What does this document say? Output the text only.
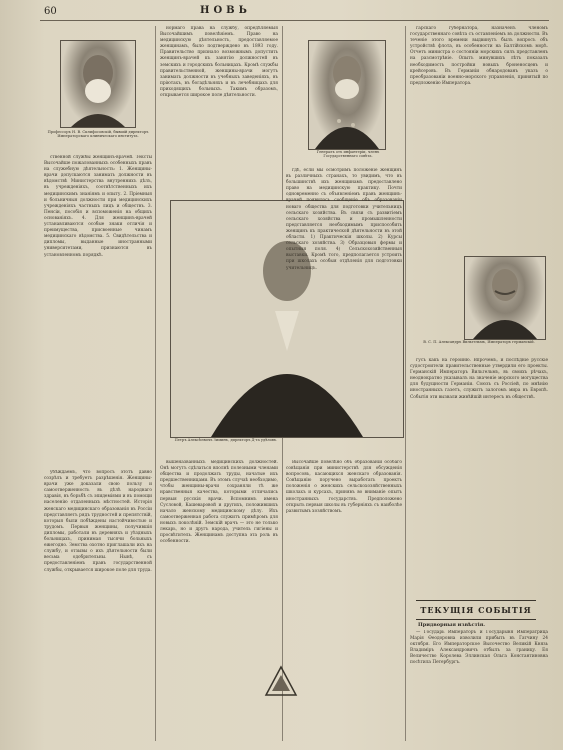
60	НОВЬ
Профессоръ Н. В. Склифосовскій, бывшій директоръ Императорскаго клиническаго института.

ственной службы женщинъ-врачей. Тексты Высочайше пожалованныхъ особенныхъ правъ на служебную дѣятельность: 1. Женщины-врачи допускаются занимать должности въ вѣдомствѣ Министерства внутреннихъ дѣлъ, въ учрежденіяхъ, соотвѣтственныхъ ихъ медицинскимъ знаніямъ и опыту. 2. Пріемныя и больничныя должности при медицинскихъ учрежденіяхъ частныхъ лицъ и обществъ. 3. Пенсіи, пособія и вспоможенія на общихъ основаніяхъ. 4. Для женщинъ-врачей устанавливаются особые знаки отличія и преимущества, присвоенные чинамъ медицинскаго вѣдомства. 5. Свидѣтельства и дипломы, выданные иностранными университетами, признаются въ установленномъ порядкѣ.

убѣждаемъ, что вопросъ этотъ давно созрѣлъ и требуетъ разрѣшенія. Женщины-врачи уже доказали свою пользу и самоотверженность въ дѣлѣ народнаго здравія, въ борьбѣ съ эпидеміями и въ помощи населенію отдаленныхъ мѣстностей. Исторія женскаго медицинскаго образованія въ Россіи представляетъ рядъ трудностей и препятствій, которыя были побѣждены настойчивостью и трудомъ. Первыя женщины, получившія дипломы, работали въ деревняхъ и уѣздныхъ больницахъ, принимая тысячи больныхъ ежегодно. Земства охотно приглашали ихъ на службу, и отзывы о ихъ дѣятельности были весьма одобрительны. Нынѣ, съ предоставленіемъ правъ государственной службы, открывается широкое поле для труда.

нормаго права на службу, опредѣляемыя Высочайшимъ повелѣніемъ. Право на медицинскую дѣятельность, предоставляемое женщинамъ, было подтверждено въ 1893 году. Правительство признало возможнымъ допустить женщинъ-врачей къ занятію должностей въ земскихъ и городскихъ больницахъ. Кромѣ службы правительственной, женщины-врачи могутъ занимать должности въ учебныхъ заведеніяхъ, въ пріютахъ, въ богадѣльняхъ и въ лечебницахъ для приходящихъ больныхъ. Такимъ образомъ, открывается широкое поле дѣятельности.

Генералъ отъ инфантеріи, членъ Государственнаго совѣта.
Петръ Алексѣевичъ Зиминъ, директоръ Д-та удѣловъ.

гдѣ, если мы осмотримъ положеніе женщинъ въ различныхъ странахъ, то увидимъ, что въ большинствѣ ихъ женщинамъ предоставлено право на медицинскую практику. Почти одновременно съ объявленіемъ правъ женщинъ-врачей появилось сообщеніе объ образованіи новаго общества для подготовки учительницъ сельскаго хозяйства. Въ связи съ развитіемъ сельскаго хозяйства и промышленности представляется необходимымъ приспособить женщинъ къ практической дѣятельности въ этой области. 1) Практическія школы. 2) Курсы сельскаго хозяйства. 3) Образцовыя фермы и опытныя поля. 4) Сельскохозяйственныя выставки. Кромѣ того, предполагается устроить при школахъ особыя отдѣленія для подготовки учительницъ.

вышеназванныхъ медицинскихъ должностей. Онѣ могутъ сдѣлаться вполнѣ полезными членами общества и продолжать труды, начатые ихъ предшественницами. Въ этомъ случаѣ необходимо, чтобы женщины-врачи сохраняли тѣ же нравственныя качества, которыми отличались первыя русскія врачи. Вспомнимъ имена Сусловой, Кашеваровой и другихъ, положившихъ начало женскому медицинскому дѣлу. Ихъ самоотверженная работа служитъ примѣромъ для новыхъ поколѣній. Земскій врачъ — это не только лекарь, но и другъ народа, учитель гигіены и просвѣтитель. Женщинамъ доступна эта роль въ особенности.

Высочайше повелѣно объ образованіи особаго совѣщанія при министерствѣ для обсужденія вопросовъ, касающихся женскаго образованія. Совѣщанію поручено выработать проектъ положенія о женскихъ сельскохозяйственныхъ школахъ и курсахъ, принявъ во вниманіе опытъ иностранныхъ государствъ. Предположено открыть первыя школы въ губерніяхъ съ наиболѣе развитымъ хозяйствомъ.

гарскаго губернатора, назначенъ членомъ государственнаго совѣта съ оставленіемъ въ должности. Въ теченіе этого времени выдвинутъ былъ вопросъ объ устройствѣ флота, въ особенности на Балтійскомъ морѣ. Отчетъ министра о состояніи морскихъ силъ представленъ на разсмотрѣніе. Опытъ минувшихъ лѣтъ показалъ необходимость постройки новыхъ броненосцевъ и крейсеровъ. Въ Германіи обнародованъ указъ о преобразованіи военно-морского управленія, принятый по предложенію Императора.

В. С. П. Александръ Вильгельмъ, Императоръ германскій.

гусъ какъ на героиню. Впрочемъ, и послѣдніе русскіе судостроители правительственные утвердили его проекты. Германскій Императоръ Вильгельмъ, въ своихъ рѣчахъ, неоднократно указывалъ на значеніе морского могущества для будущности Германіи. Союзъ съ Россіей, по мнѣнію иностранныхъ газетъ, служитъ залогомъ мира въ Европѣ. Событія эти вызвали живѣйшій интересъ въ обществѣ.

ТЕКУЩІЯ СОБЫТІЯ
Придворныя извѣстія.

— Государь Императоръ и Государыня Императрица Марія Ѳеодоровна изволили прибыть въ Гатчину 24 октября. Его Императорское Высочество Великій Князь Владиміръ Александровичъ отбылъ за границу. Ея Величество Королева Эллинская Ольга Константиновна посѣтила Петербургъ.
